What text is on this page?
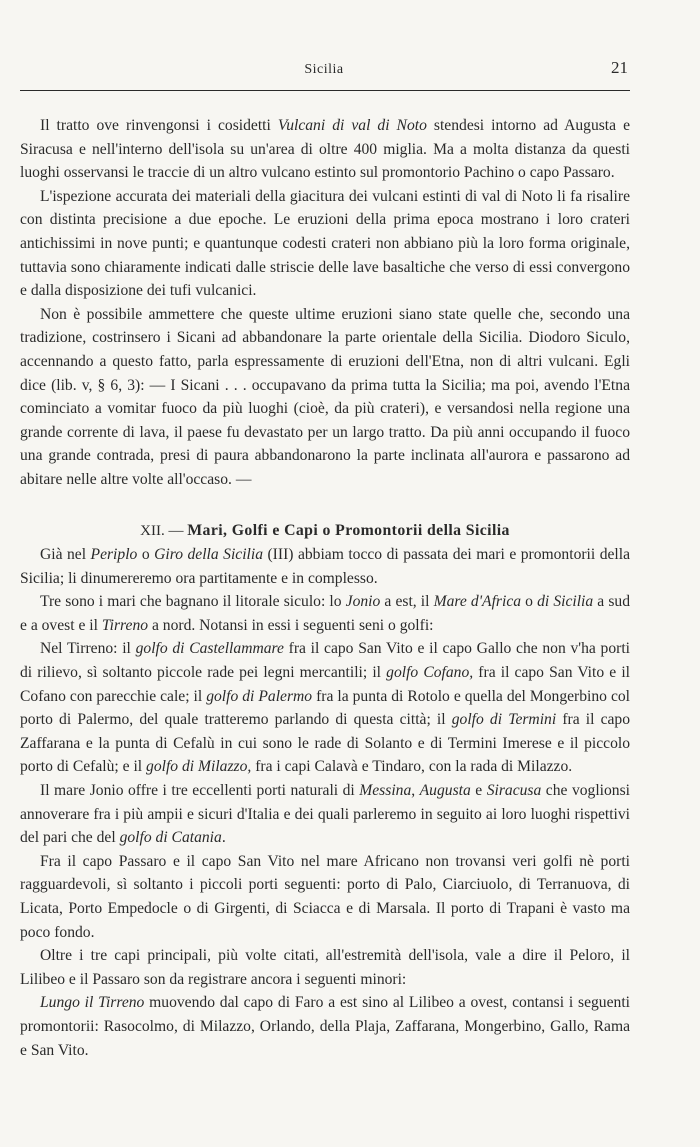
Sicilia	21

Il tratto ove rinvengonsi i cosidetti Vulcani di val di Noto stendesi intorno ad Augusta e Siracusa e nell'interno dell'isola su un'area di oltre 400 miglia. Ma a molta distanza da questi luoghi osservansi le traccie di un altro vulcano estinto sul promontorio Pachino o capo Passaro.

L'ispezione accurata dei materiali della giacitura dei vulcani estinti di val di Noto li fa risalire con distinta precisione a due epoche. Le eruzioni della prima epoca mostrano i loro crateri antichissimi in nove punti; e quantunque codesti crateri non abbiano più la loro forma originale, tuttavia sono chiaramente indicati dalle striscie delle lave basaltiche che verso di essi convergono e dalla disposizione dei tufi vulcanici.

Non è possibile ammettere che queste ultime eruzioni siano state quelle che, secondo una tradizione, costrinsero i Sicani ad abbandonare la parte orientale della Sicilia. Diodoro Siculo, accennando a questo fatto, parla espressamente di eruzioni dell'Etna, non di altri vulcani. Egli dice (lib. v, § 6, 3): — I Sicani . . . occupavano da prima tutta la Sicilia; ma poi, avendo l'Etna cominciato a vomitar fuoco da più luoghi (cioè, da più crateri), e versandosi nella regione una grande corrente di lava, il paese fu devastato per un largo tratto. Da più anni occupando il fuoco una grande contrada, presi di paura abbandonarono la parte inclinata all'aurora e passarono ad abitare nelle altre volte all'occaso. —

XII. — Mari, Golfi e Capi o Promontorii della Sicilia

Già nel Periplo o Giro della Sicilia (III) abbiam tocco di passata dei mari e promontorii della Sicilia; li dinumereremo ora partitamente e in complesso.

Tre sono i mari che bagnano il litorale siculo: lo Jonio a est, il Mare d'Africa o di Sicilia a sud e a ovest e il Tirreno a nord. Notansi in essi i seguenti seni o golfi:

Nel Tirreno: il golfo di Castellammare fra il capo San Vito e il capo Gallo che non v'ha porti di rilievo, sì soltanto piccole rade pei legni mercantili; il golfo Cofano, fra il capo San Vito e il Cofano con parecchie cale; il golfo di Palermo fra la punta di Rotolo e quella del Mongerbino col porto di Palermo, del quale tratteremo parlando di questa città; il golfo di Termini fra il capo Zaffarana e la punta di Cefalù in cui sono le rade di Solanto e di Termini Imerese e il piccolo porto di Cefalù; e il golfo di Milazzo, fra i capi Calavà e Tindaro, con la rada di Milazzo.

Il mare Jonio offre i tre eccellenti porti naturali di Messina, Augusta e Siracusa che voglionsi annoverare fra i più ampii e sicuri d'Italia e dei quali parleremo in seguito ai loro luoghi rispettivi del pari che del golfo di Catania.

Fra il capo Passaro e il capo San Vito nel mare Africano non trovansi veri golfi nè porti ragguardevoli, sì soltanto i piccoli porti seguenti: porto di Palo, Ciarciuolo, di Terranuova, di Licata, Porto Empedocle o di Girgenti, di Sciacca e di Marsala. Il porto di Trapani è vasto ma poco fondo.

Oltre i tre capi principali, più volte citati, all'estremità dell'isola, vale a dire il Peloro, il Lilibeo e il Passaro son da registrare ancora i seguenti minori:

Lungo il Tirreno muovendo dal capo di Faro a est sino al Lilibeo a ovest, contansi i seguenti promontorii: Rasocolmo, di Milazzo, Orlando, della Plaja, Zaffarana, Mongerbino, Gallo, Rama e San Vito.
